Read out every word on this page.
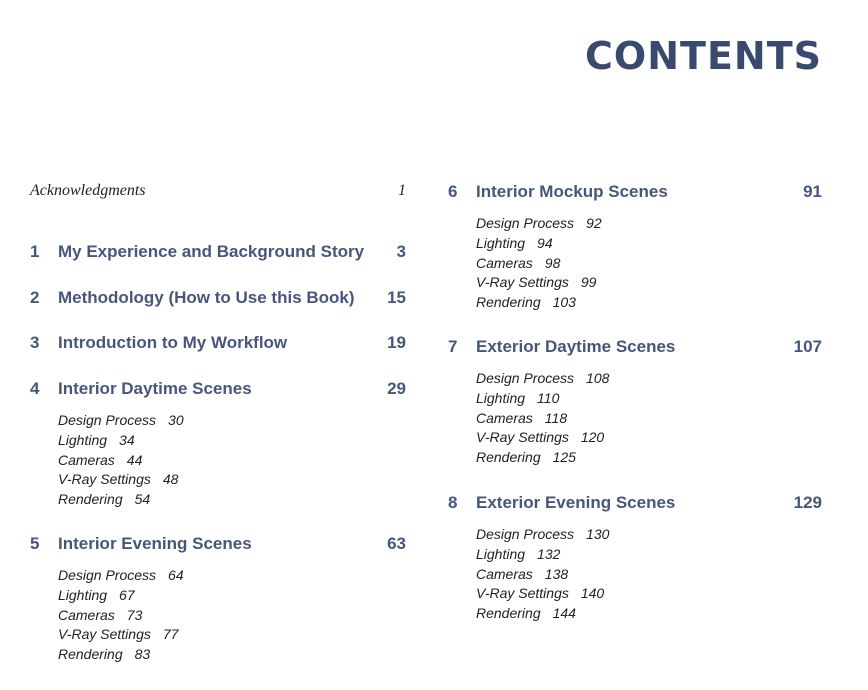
CONTENTS
Acknowledgments	1
1 My Experience and Background Story 3
2 Methodology (How to Use this Book) 15
3 Introduction to My Workflow	19
4 Interior Daytime Scenes	29
Design Process 30
Lighting 34
Cameras 44
V-Ray Settings 48
Rendering 54
5 Interior Evening Scenes	63
Design Process 64
Lighting 67
Cameras 73
V-Ray Settings 77
Rendering 83
6 Interior Mockup Scenes	91
Design Process 92
Lighting 94
Cameras 98
V-Ray Settings 99
Rendering 103
7 Exterior Daytime Scenes	107
Design Process 108
Lighting 110
Cameras 118
V-Ray Settings 120
Rendering 125
8 Exterior Evening Scenes	129
Design Process 130
Lighting 132
Cameras 138
V-Ray Settings 140
Rendering 144
